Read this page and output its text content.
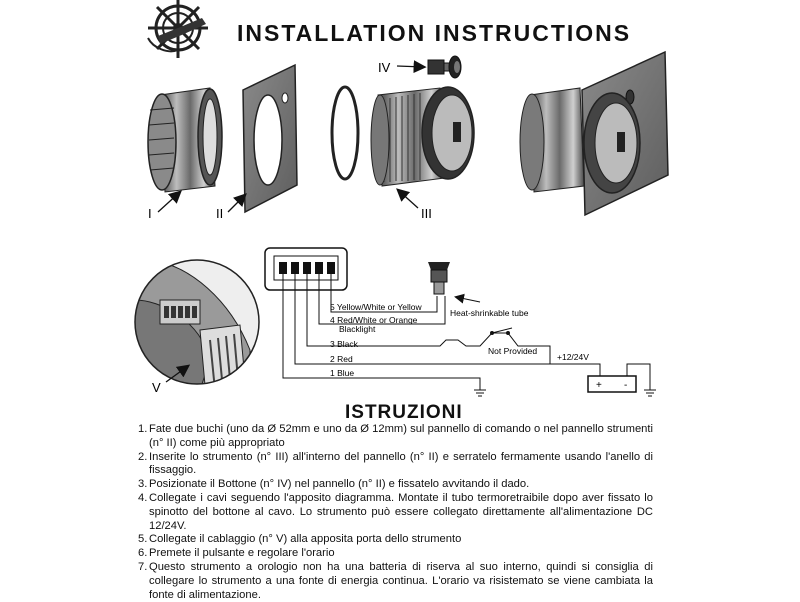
I	II	III
IV
V	+ -
5 Yellow/White or Yellow
4 Red/White or Orange
Blacklight
3 Black
2 Red
1 Blue
Heat-shrinkable tube
Not Provided
+12/24V
INSTALLATION INSTRUCTIONS
ISTRUZIONI
1. Fate due buchi (uno da Ø 52mm e uno da Ø 12mm) sul pannello di comando o nel pannello strumenti (n° II) come più appropriato
2. Inserite lo strumento (n° III) all'interno del pannello (n° II) e serratelo fermamente usando l'anello di fissaggio.
3. Posizionate il Bottone (n° IV) nel pannello (n° II) e fissatelo avvitando il dado.
4. Collegate i cavi seguendo l'apposito diagramma. Montate il tubo termoretraibile dopo aver fissato lo spinotto del bottone al cavo. Lo strumento può essere collegato direttamente all'alimentazione DC 12/24V.
5. Collegate il cablaggio (n° V) alla apposita porta dello strumento
6. Premete il pulsante e regolare l'orario
7. Questo strumento a orologio non ha una batteria di riserva al suo interno, quindi si consiglia di collegare lo strumento a una fonte di energia continua. L'orario va risistemato se viene cambiata la fonte di alimentazione.
